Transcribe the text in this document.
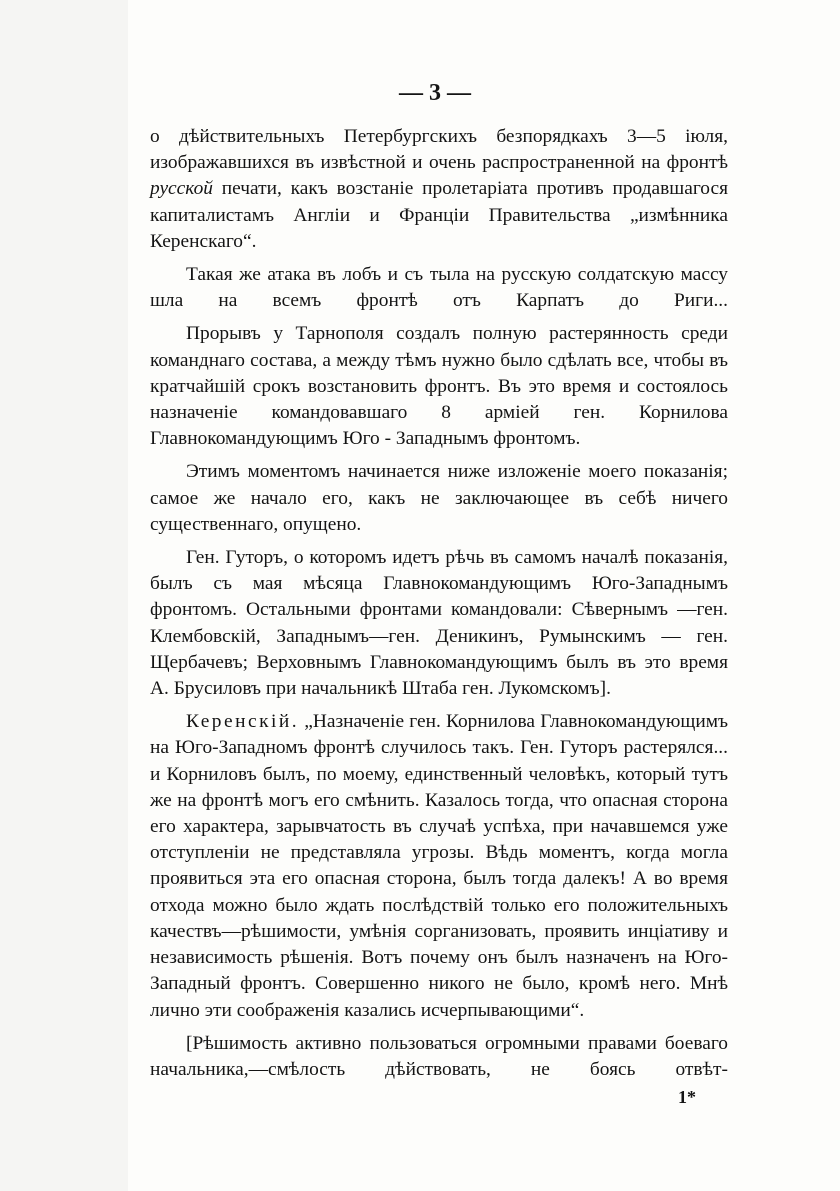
— 3 —

о дѣйствительныхъ Петербургскихъ безпорядкахъ 3—5 іюля, изображавшихся въ извѣстной и очень распространенной на фронтѣ русской печати, какъ возстаніе пролетаріата противъ продавшагося капиталистамъ Англіи и Франціи Правительства „измѣнника Керенскаго“.

Такая же атака въ лобъ и съ тыла на русскую солдатскую массу шла на всемъ фронтѣ отъ Карпатъ до Риги...

Прорывъ у Тарнополя создалъ полную растерянность среди команднаго состава, а между тѣмъ нужно было сдѣлать все, чтобы въ кратчайшій срокъ возстановить фронтъ. Въ это время и состоялось назначеніе командовавшаго 8 арміей ген. Корнилова Главнокомандующимъ Юго - Западнымъ фронтомъ.

Этимъ моментомъ начинается ниже изложеніе моего показанія; самое же начало его, какъ не заключающее въ себѣ ничего существеннаго, опущено.

Ген. Гуторъ, о которомъ идетъ рѣчь въ самомъ началѣ показанія, былъ съ мая мѣсяца Главнокомандующимъ Юго-Западнымъ фронтомъ. Остальными фронтами командовали: Сѣвернымъ —ген. Клембовскій, Западнымъ—ген. Деникинъ, Румынскимъ — ген. Щербачевъ; Верховнымъ Главнокомандующимъ былъ въ это время А. Брусиловъ при начальникѣ Штаба ген. Лукомскомъ].

Керенскій. „Назначеніе ген. Корнилова Главнокомандующимъ на Юго-Западномъ фронтѣ случилось такъ. Ген. Гуторъ растерялся... и Корниловъ былъ, по моему, единственный человѣкъ, который тутъ же на фронтѣ могъ его смѣнить. Казалось тогда, что опасная сторона его характера, зарывчатость въ случаѣ успѣха, при начавшемся уже отступленіи не представляла угрозы. Вѣдь моментъ, когда могла проявиться эта его опасная сторона, былъ тогда далекъ! А во время отхода можно было ждать послѣдствій только его положительныхъ качествъ—рѣшимости, умѣнія сорганизовать, проявить инціативу и независимость рѣшенія. Вотъ почему онъ былъ назначенъ на Юго-Западный фронтъ. Совершенно никого не было, кромѣ него. Мнѣ лично эти соображенія казались исчерпывающими“.

[Рѣшимость активно пользоваться огромными правами боеваго начальника,—смѣлость дѣйствовать, не боясь отвѣт-

1*
